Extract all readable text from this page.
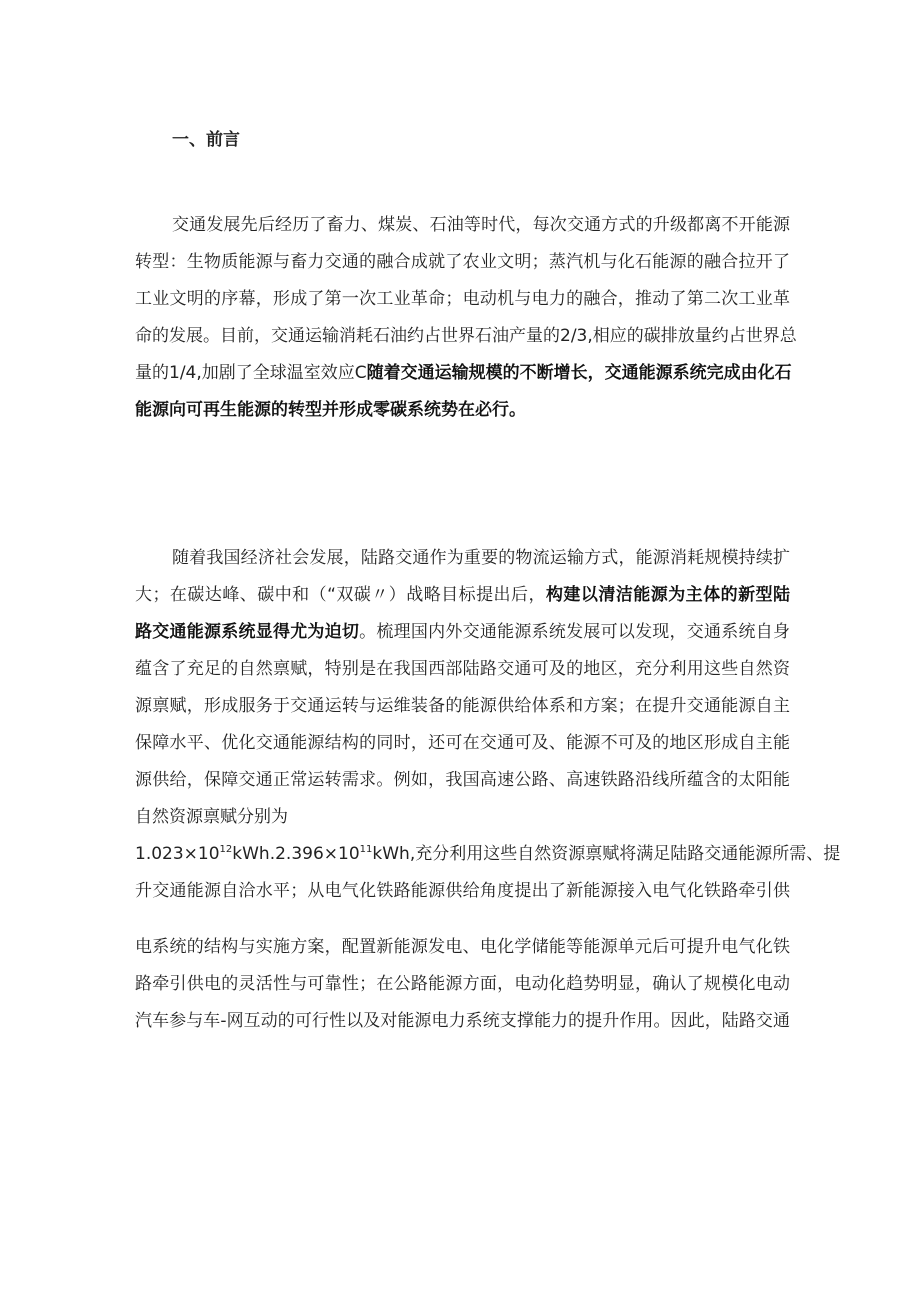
一、前言
交通发展先后经历了畜力、煤炭、石油等时代，每次交通方式的升级都离不开能源
转型：生物质能源与畜力交通的融合成就了农业文明；蒸汽机与化石能源的融合拉开了
工业文明的序幕，形成了第一次工业革命；电动机与电力的融合，推动了第二次工业革
命的发展。目前，交通运输消耗石油约占世界石油产量的2/3,相应的碳排放量约占世界总
量的1/4,加剧了全球温室效应C随着交通运输规模的不断增长，交通能源系统完成由化石
能源向可再生能源的转型并形成零碳系统势在必行。
随着我国经济社会发展，陆路交通作为重要的物流运输方式，能源消耗规模持续扩
大；在碳达峰、碳中和（“双碳〃）战略目标提出后，构建以清洁能源为主体的新型陆
路交通能源系统显得尤为迫切。梳理国内外交通能源系统发展可以发现，交通系统自身
蕴含了充足的自然禀赋，特别是在我国西部陆路交通可及的地区，充分利用这些自然资
源禀赋，形成服务于交通运转与运维装备的能源供给体系和方案；在提升交通能源自主
保障水平、优化交通能源结构的同时，还可在交通可及、能源不可及的地区形成自主能
源供给，保障交通正常运转需求。例如，我国高速公路、高速铁路沿线所蕴含的太阳能
自然资源禀赋分别为
$1.023\times 10^{12}kWh.2.396\times 10^{11}kWh$,充分利用这些自然资源禀赋将满足陆路交通能源所需、提
升交通能源自洽水平；从电气化铁路能源供给角度提出了新能源接入电气化铁路牵引供
电系统的结构与实施方案，配置新能源发电、电化学储能等能源单元后可提升电气化铁
路牵引供电的灵活性与可靠性；在公路能源方面，电动化趋势明显，确认了规模化电动
汽车参与车-网互动的可行性以及对能源电力系统支撑能力的提升作用。因此，陆路交通
